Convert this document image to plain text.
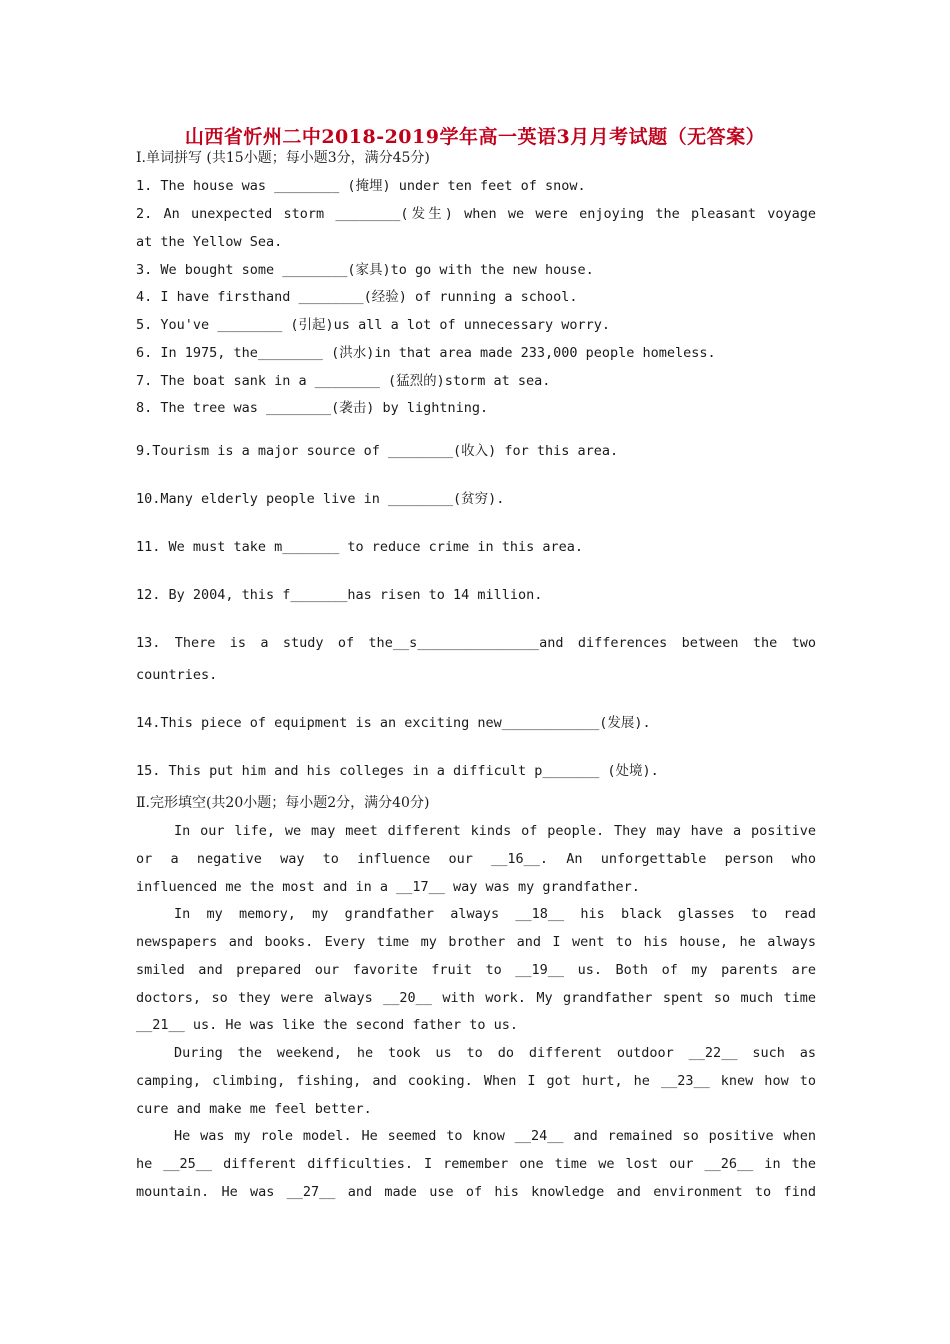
山西省忻州二中2018-2019学年高一英语3月月考试题（无答案）
Ⅰ.单词拼写 (共15小题；每小题3分，满分45分)
1. The house was ________ (掩埋) under ten feet of snow.
2. An unexpected storm ________(发生) when we were enjoying the pleasant voyage
at the Yellow Sea.
3. We bought some ________(家具)to go with the new house.
4. I have firsthand ________(经验) of running a school.
5. You've ________ (引起)us all a lot of unnecessary worry.
6. In 1975, the________ (洪水)in that area made 233,000 people homeless.
7. The boat sank in a ________ (猛烈的)storm at sea.
8. The tree was ________(袭击) by lightning.
9.Tourism is a major source of ________(收入) for this area.
10.Many elderly people live in ________(贫穷).
11. We must take m_______ to reduce crime in this area.
12. By 2004, this f_______has risen to 14 million.
13. There is a study of the__s_______________and differences between the two
countries.
14.This piece of equipment is an exciting new____________(发展).
15. This put him and his colleges in a difficult p_______ (处境).
Ⅱ.完形填空(共20小题；每小题2分，满分40分)
In our life, we may meet different kinds of people. They may have a positive
or a negative way to influence our __16__. An unforgettable person who
influenced me the most and in a __17__ way was my grandfather.
In my memory, my grandfather always __18__ his black glasses to read
newspapers and books. Every time my brother and I went to his house, he always
smiled and prepared our favorite fruit to __19__ us. Both of my parents are
doctors, so they were always __20__ with work. My grandfather spent so much time
__21__ us. He was like the second father to us.
During the weekend, he took us to do different outdoor __22__ such as
camping, climbing, fishing, and cooking. When I got hurt, he __23__ knew how to
cure and make me feel better.
He was my role model. He seemed to know __24__ and remained so positive when
he __25__ different difficulties. I remember one time we lost our __26__ in the
mountain. He was __27__ and made use of his knowledge and environment to find
